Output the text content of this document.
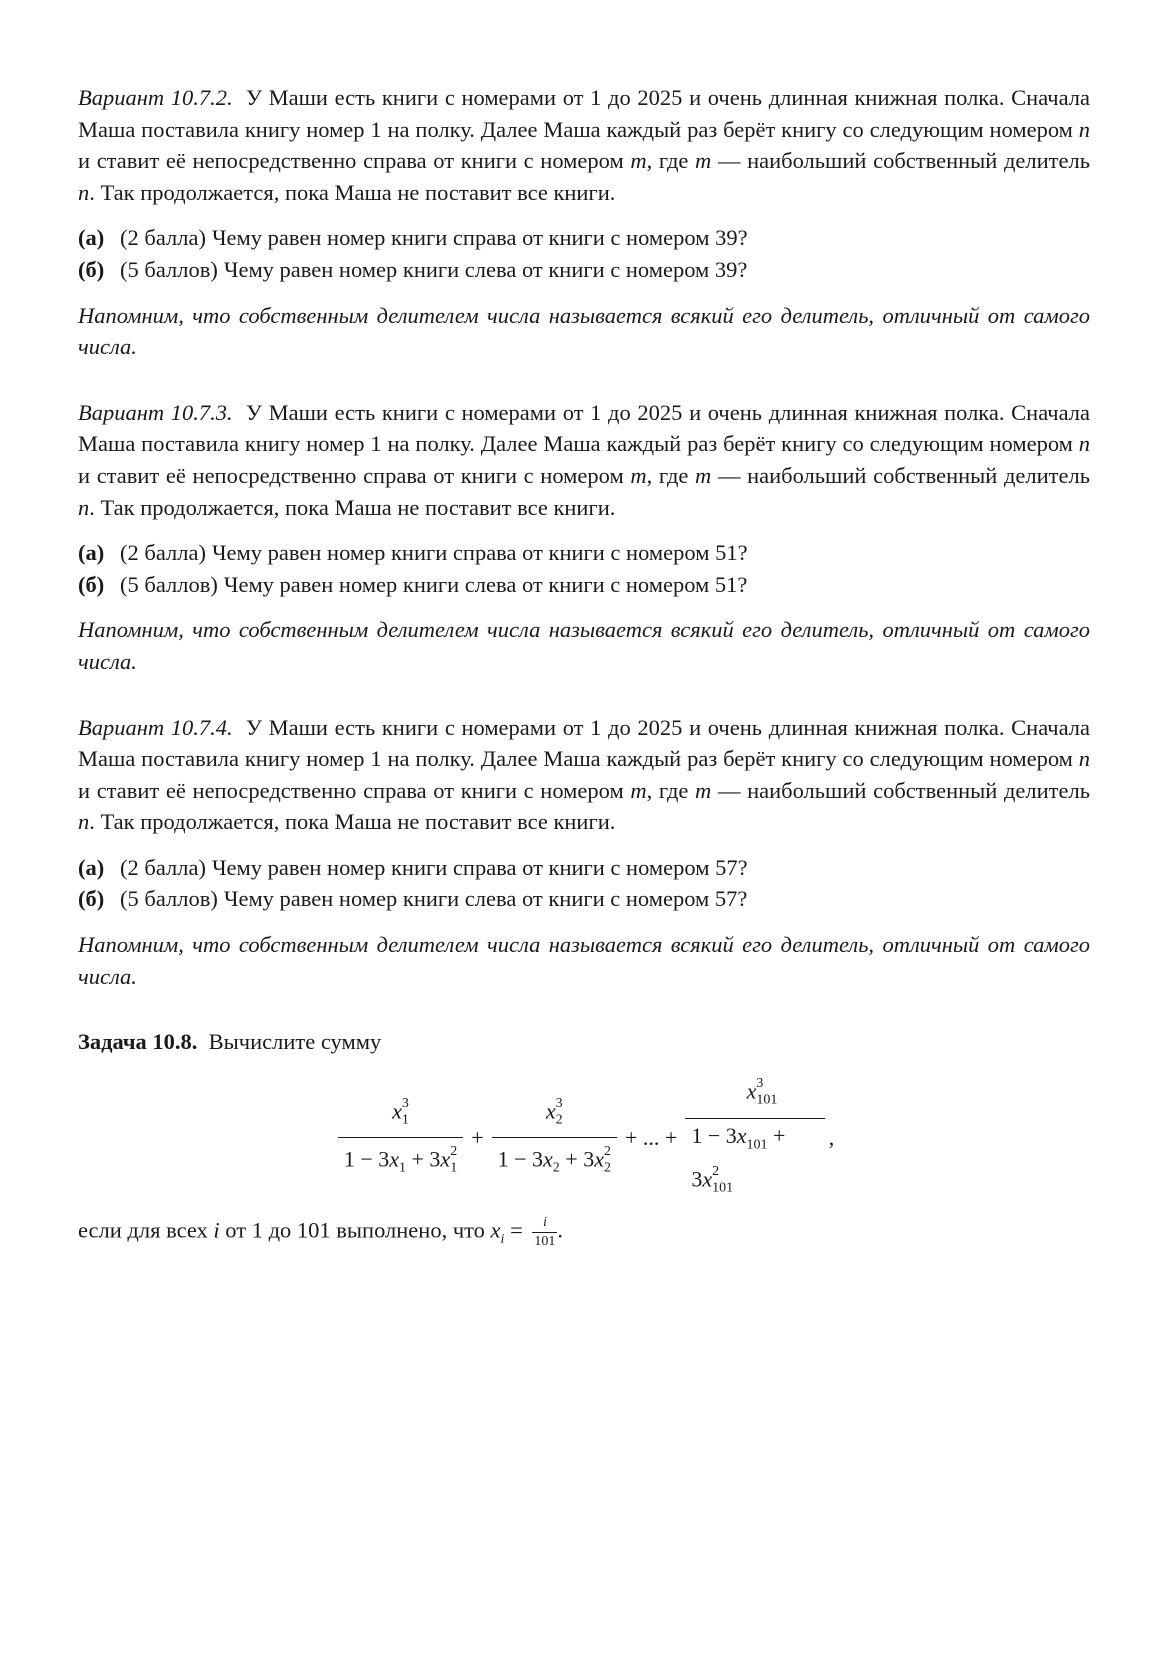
Вариант 10.7.2. У Маши есть книги с номерами от 1 до 2025 и очень длинная книжная полка. Сначала Маша поставила книгу номер 1 на полку. Далее Маша каждый раз берёт книгу со следующим номером n и ставит её непосредственно справа от книги с номером m, где m — наибольший собственный делитель n. Так продолжается, пока Маша не поставит все книги.

(а) (2 балла) Чему равен номер книги справа от книги с номером 39?
(б) (5 баллов) Чему равен номер книги слева от книги с номером 39?

Напомним, что собственным делителем числа называется всякий его делитель, отличный от самого числа.

Вариант 10.7.3. У Маши есть книги с номерами от 1 до 2025 и очень длинная книжная полка. Сначала Маша поставила книгу номер 1 на полку. Далее Маша каждый раз берёт книгу со следующим номером n и ставит её непосредственно справа от книги с номером m, где m — наибольший собственный делитель n. Так продолжается, пока Маша не поставит все книги.

(а) (2 балла) Чему равен номер книги справа от книги с номером 51?
(б) (5 баллов) Чему равен номер книги слева от книги с номером 51?

Напомним, что собственным делителем числа называется всякий его делитель, отличный от самого числа.

Вариант 10.7.4. У Маши есть книги с номерами от 1 до 2025 и очень длинная книжная полка. Сначала Маша поставила книгу номер 1 на полку. Далее Маша каждый раз берёт книгу со следующим номером n и ставит её непосредственно справа от книги с номером m, где m — наибольший собственный делитель n. Так продолжается, пока Маша не поставит все книги.

(а) (2 балла) Чему равен номер книги справа от книги с номером 57?
(б) (5 баллов) Чему равен номер книги слева от книги с номером 57?

Напомним, что собственным делителем числа называется всякий его делитель, отличный от самого числа.

Задача 10.8. Вычислите сумму

$\frac{x_1^3}{1 - 3x_1 + 3x_1^2} + \frac{x_2^3}{1 - 3x_2 + 3x_2^2}$ + ... + $\frac{x_{101}^3}{1 - 3x_{101} + 3x_{101}^2}$ ,

если для всех i от 1 до 101 выполнено, что $x_i = \frac{i}{101}$ .
